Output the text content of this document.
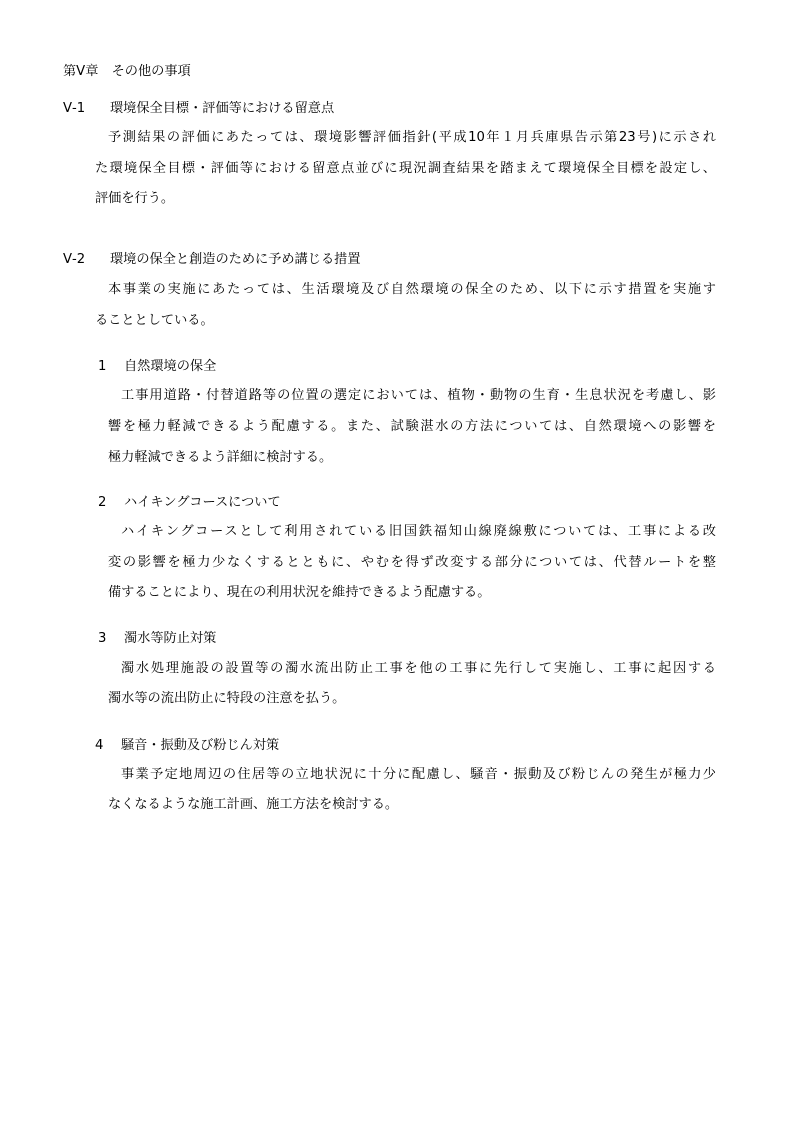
第Ⅴ章　その他の事項
Ⅴ-1 環境保全目標・評価等における留意点
予測結果の評価にあたっては、環境影響評価指針(平成10年１月兵庫県告示第23号)に示され
た環境保全目標・評価等における留意点並びに現況調査結果を踏まえて環境保全目標を設定し、
評価を行う。
Ⅴ-2 環境の保全と創造のために予め講じる措置
本事業の実施にあたっては、生活環境及び自然環境の保全のため、以下に示す措置を実施す
ることとしている。
1 自然環境の保全
工事用道路・付替道路等の位置の選定においては、植物・動物の生育・生息状況を考慮し、影
響を極力軽減できるよう配慮する。また、試験湛水の方法については、自然環境への影響を
極力軽減できるよう詳細に検討する。
2 ハイキングコースについて
ハイキングコースとして利用されている旧国鉄福知山線廃線敷については、工事による改
変の影響を極力少なくするとともに、やむを得ず改変する部分については、代替ルートを整
備することにより、現在の利用状況を維持できるよう配慮する。
3 濁水等防止対策
濁水処理施設の設置等の濁水流出防止工事を他の工事に先行して実施し、工事に起因する
濁水等の流出防止に特段の注意を払う。
4 騒音・振動及び粉じん対策
事業予定地周辺の住居等の立地状況に十分に配慮し、騒音・振動及び粉じんの発生が極力少
なくなるような施工計画、施工方法を検討する。
